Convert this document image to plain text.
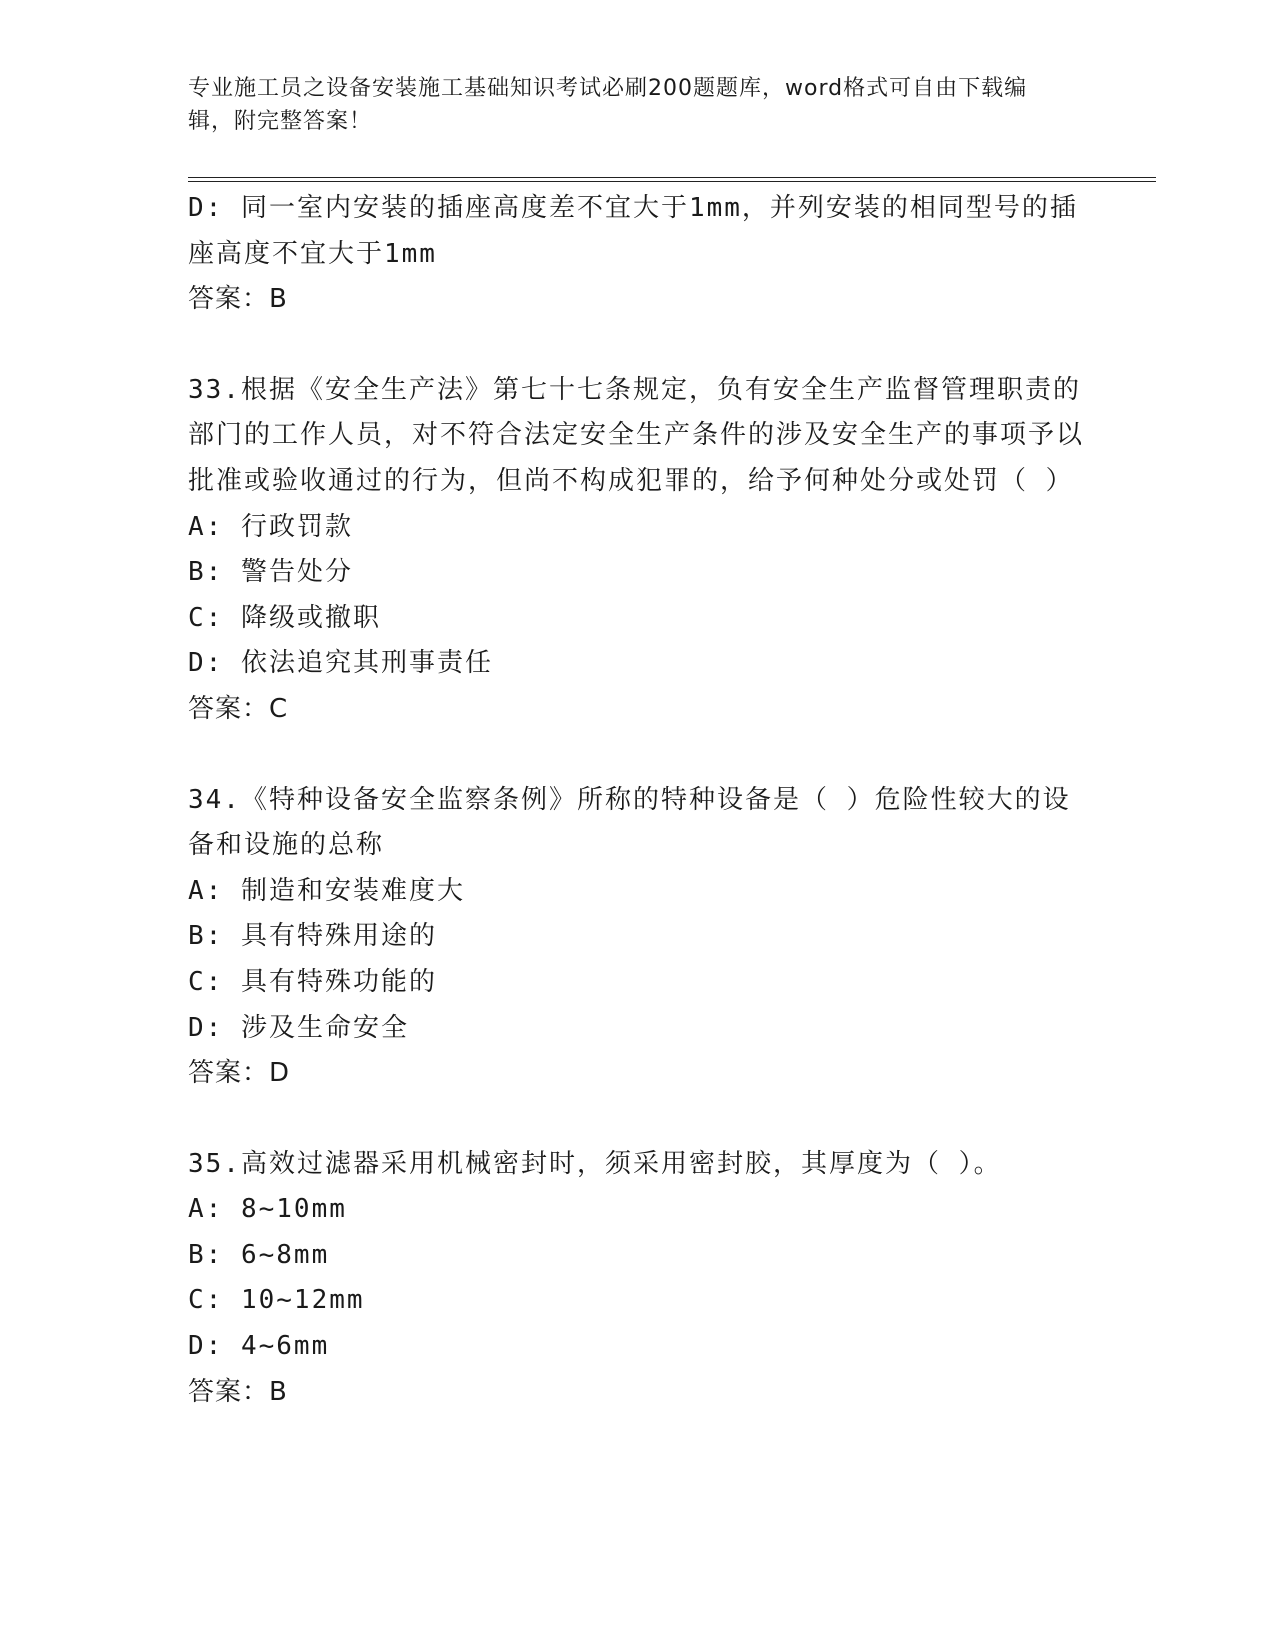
专业施工员之设备安装施工基础知识考试必刷200题题库，word格式可自由下载编辑，附完整答案！
D: 同一室内安装的插座高度差不宜大于1mm，并列安装的相同型号的插座高度不宜大于1mm
答案：B
33.根据《安全生产法》第七十七条规定，负有安全生产监督管理职责的部门的工作人员，对不符合法定安全生产条件的涉及安全生产的事项予以批准或验收通过的行为，但尚不构成犯罪的，给予何种处分或处罚（ ）
A: 行政罚款
B: 警告处分
C: 降级或撤职
D: 依法追究其刑事责任
答案：C
34.《特种设备安全监察条例》所称的特种设备是（ ）危险性较大的设备和设施的总称
A: 制造和安装难度大
B: 具有特殊用途的
C: 具有特殊功能的
D: 涉及生命安全
答案：D
35.高效过滤器采用机械密封时，须采用密封胶，其厚度为（ ）。
A: 8~10mm
B: 6~8mm
C: 10~12mm
D: 4~6mm
答案：B
